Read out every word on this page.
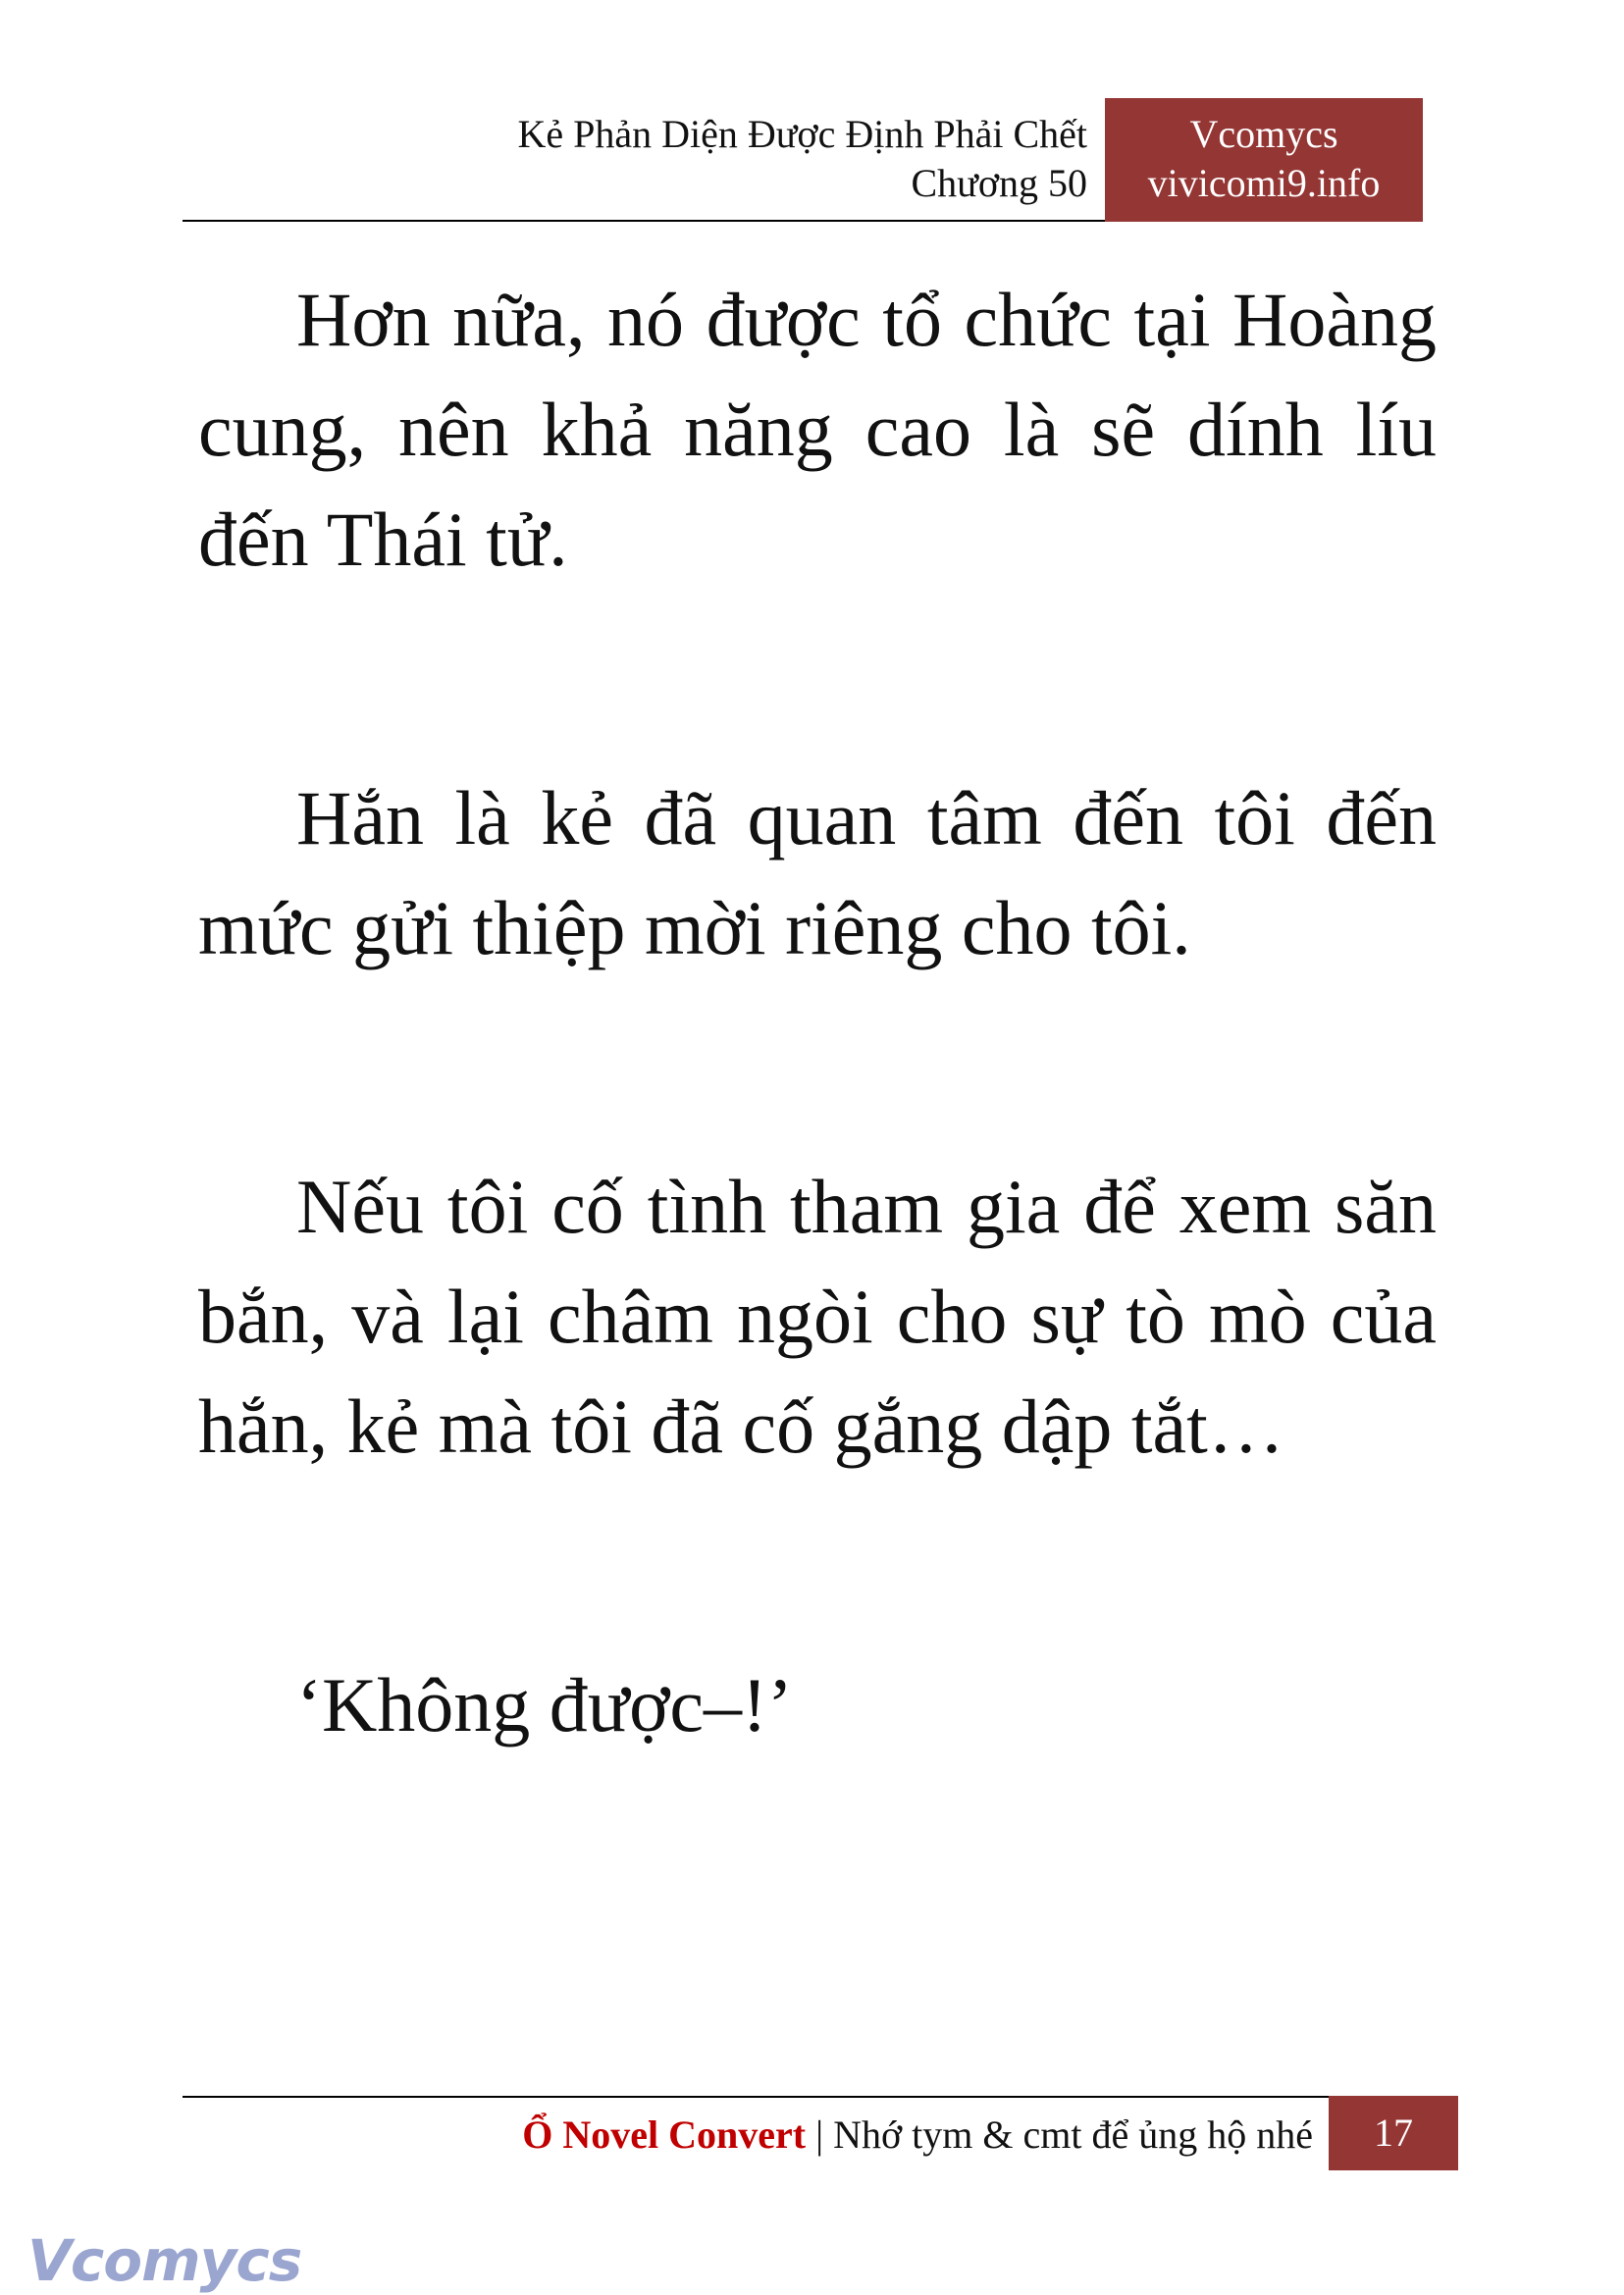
Kẻ Phản Diện Được Định Phải Chết
Chương 50
Vcomycs
vivicomi9.info

Hơn nữa, nó được tổ chức tại Hoàng cung, nên khả năng cao là sẽ dính líu đến Thái tử.

Hắn là kẻ đã quan tâm đến tôi đến mức gửi thiệp mời riêng cho tôi.

Nếu tôi cố tình tham gia để xem săn bắn, và lại châm ngòi cho sự tò mò của hắn, kẻ mà tôi đã cố gắng dập tắt…

‘Không được–!’

Ổ Novel Convert | Nhớ tym & cmt để ủng hộ nhé	17
Vcomycs
